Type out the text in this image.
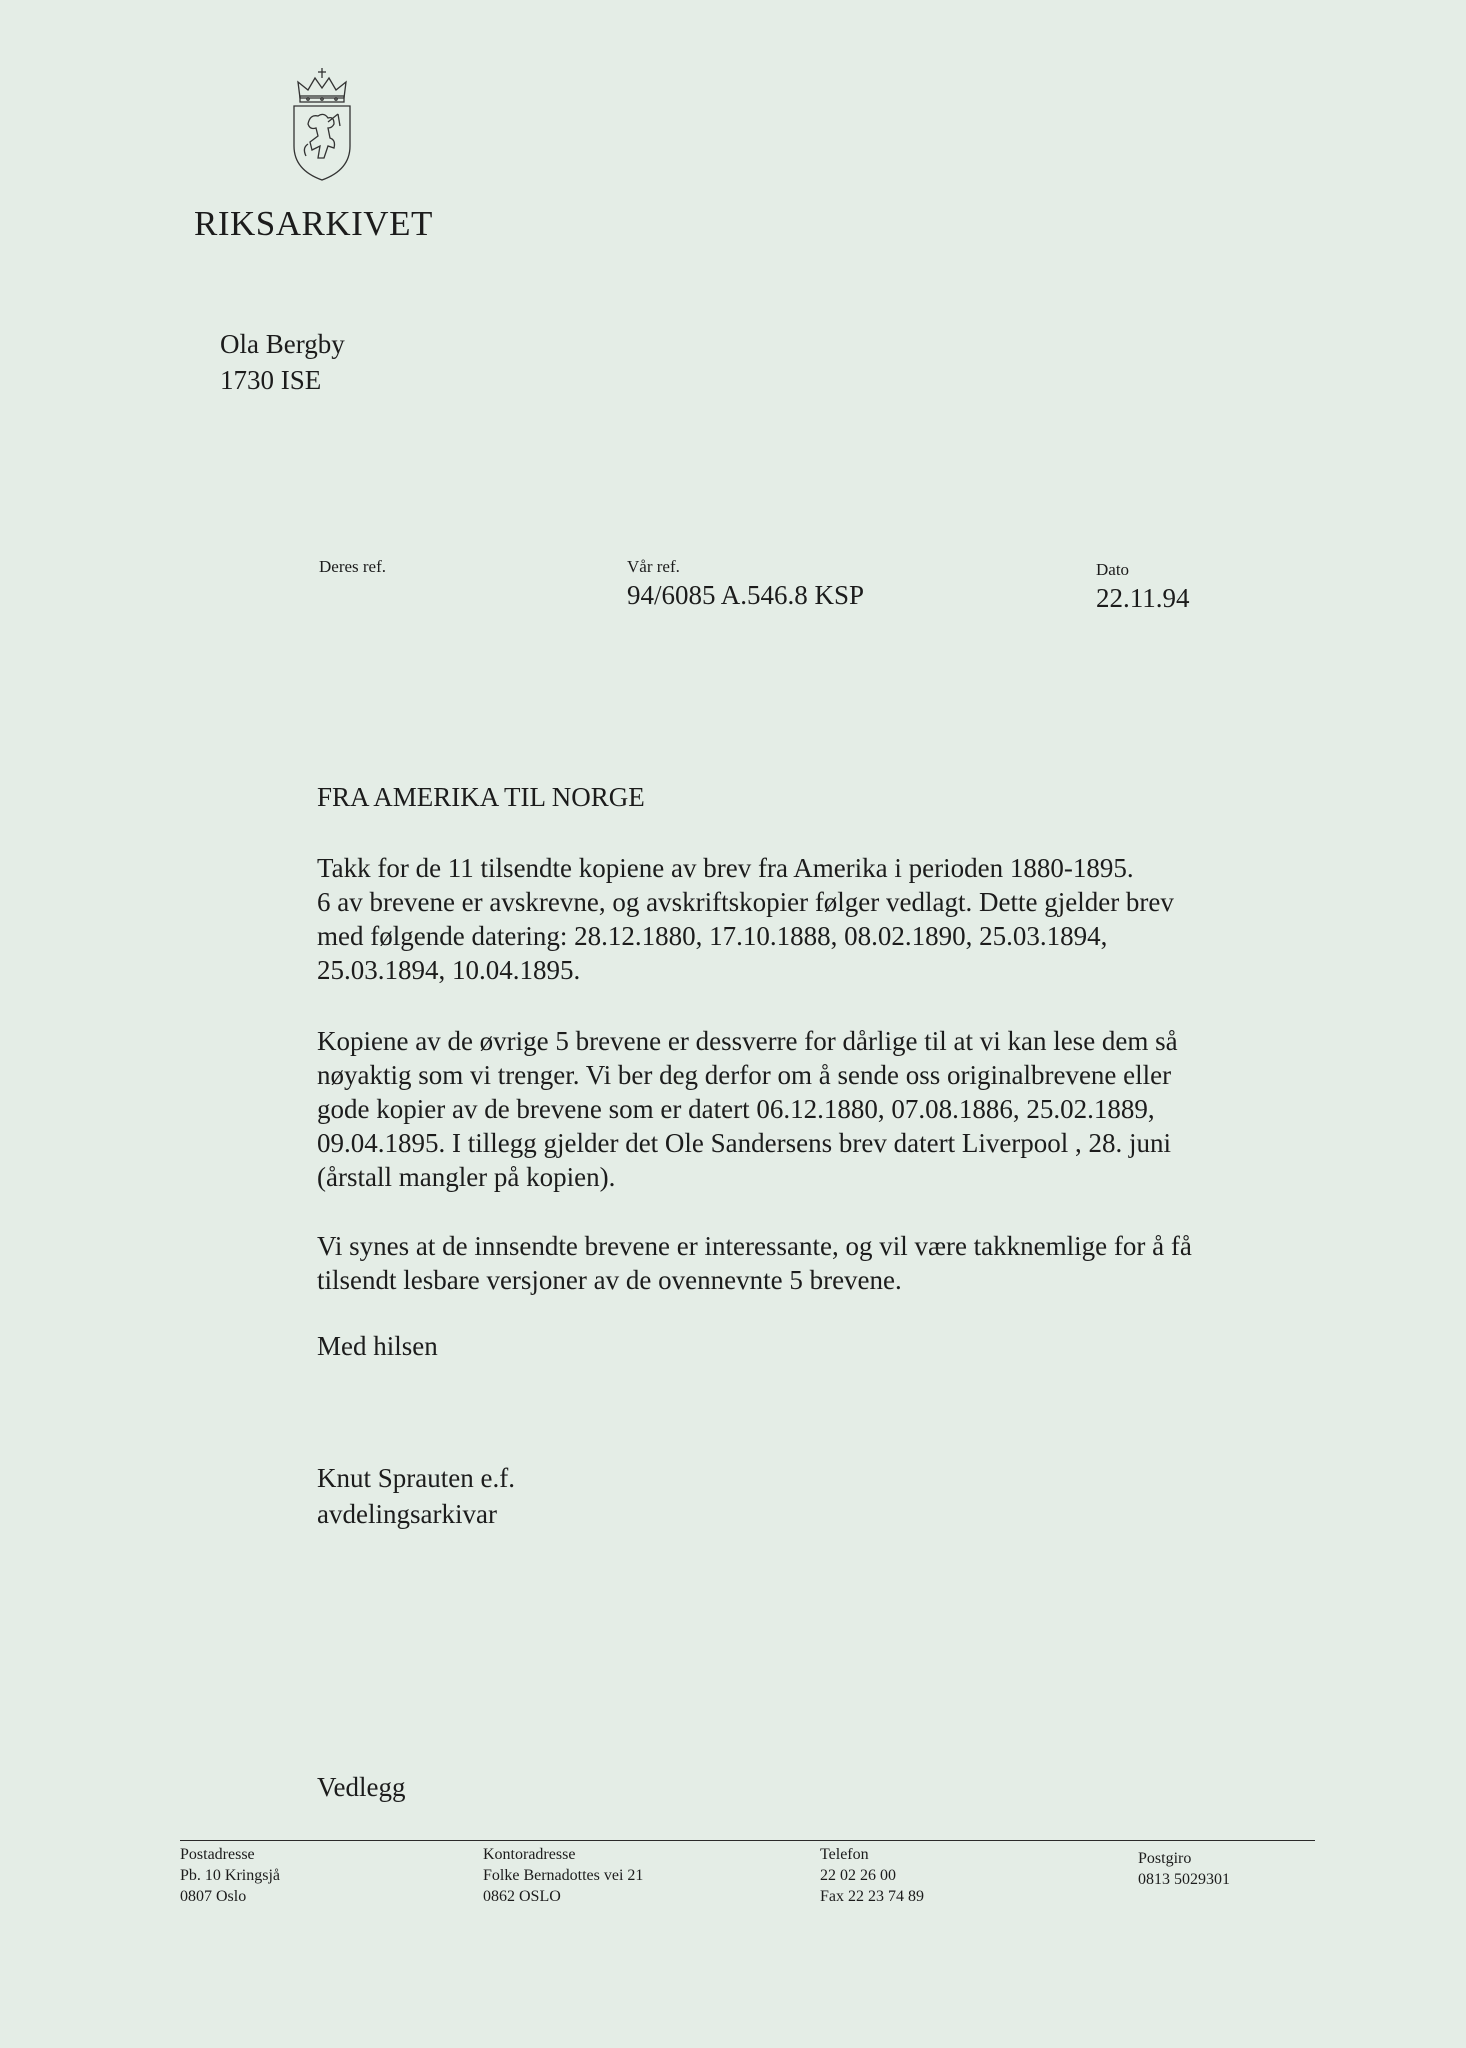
RIKSARKIVET
Ola Bergby
1730 ISE
Deres ref.	Vår ref.
94/6085 A.546.8 KSP
Dato
22.11.94
FRA AMERIKA TIL NORGE
Takk for de 11 tilsendte kopiene av brev fra Amerika i perioden 1880-1895.
6 av brevene er avskrevne, og avskriftskopier følger vedlagt. Dette gjelder brev
med følgende datering: 28.12.1880, 17.10.1888, 08.02.1890, 25.03.1894,
25.03.1894, 10.04.1895.
Kopiene av de øvrige 5 brevene er dessverre for dårlige til at vi kan lese dem så
nøyaktig som vi trenger. Vi ber deg derfor om å sende oss originalbrevene eller
gode kopier av de brevene som er datert 06.12.1880, 07.08.1886, 25.02.1889,
09.04.1895. I tillegg gjelder det Ole Sandersens brev datert Liverpool , 28. juni
(årstall mangler på kopien).
Vi synes at de innsendte brevene er interessante, og vil være takknemlige for å få
tilsendt lesbare versjoner av de ovennevnte 5 brevene.
Med hilsen
Knut Sprauten e.f.
avdelingsarkivar
Vedlegg
Postadresse
Pb. 10 Kringsjå
0807 Oslo
Kontoradresse
Folke Bernadottes vei 21
0862 OSLO
Telefon
22 02 26 00
Fax 22 23 74 89
Postgiro
0813 5029301
